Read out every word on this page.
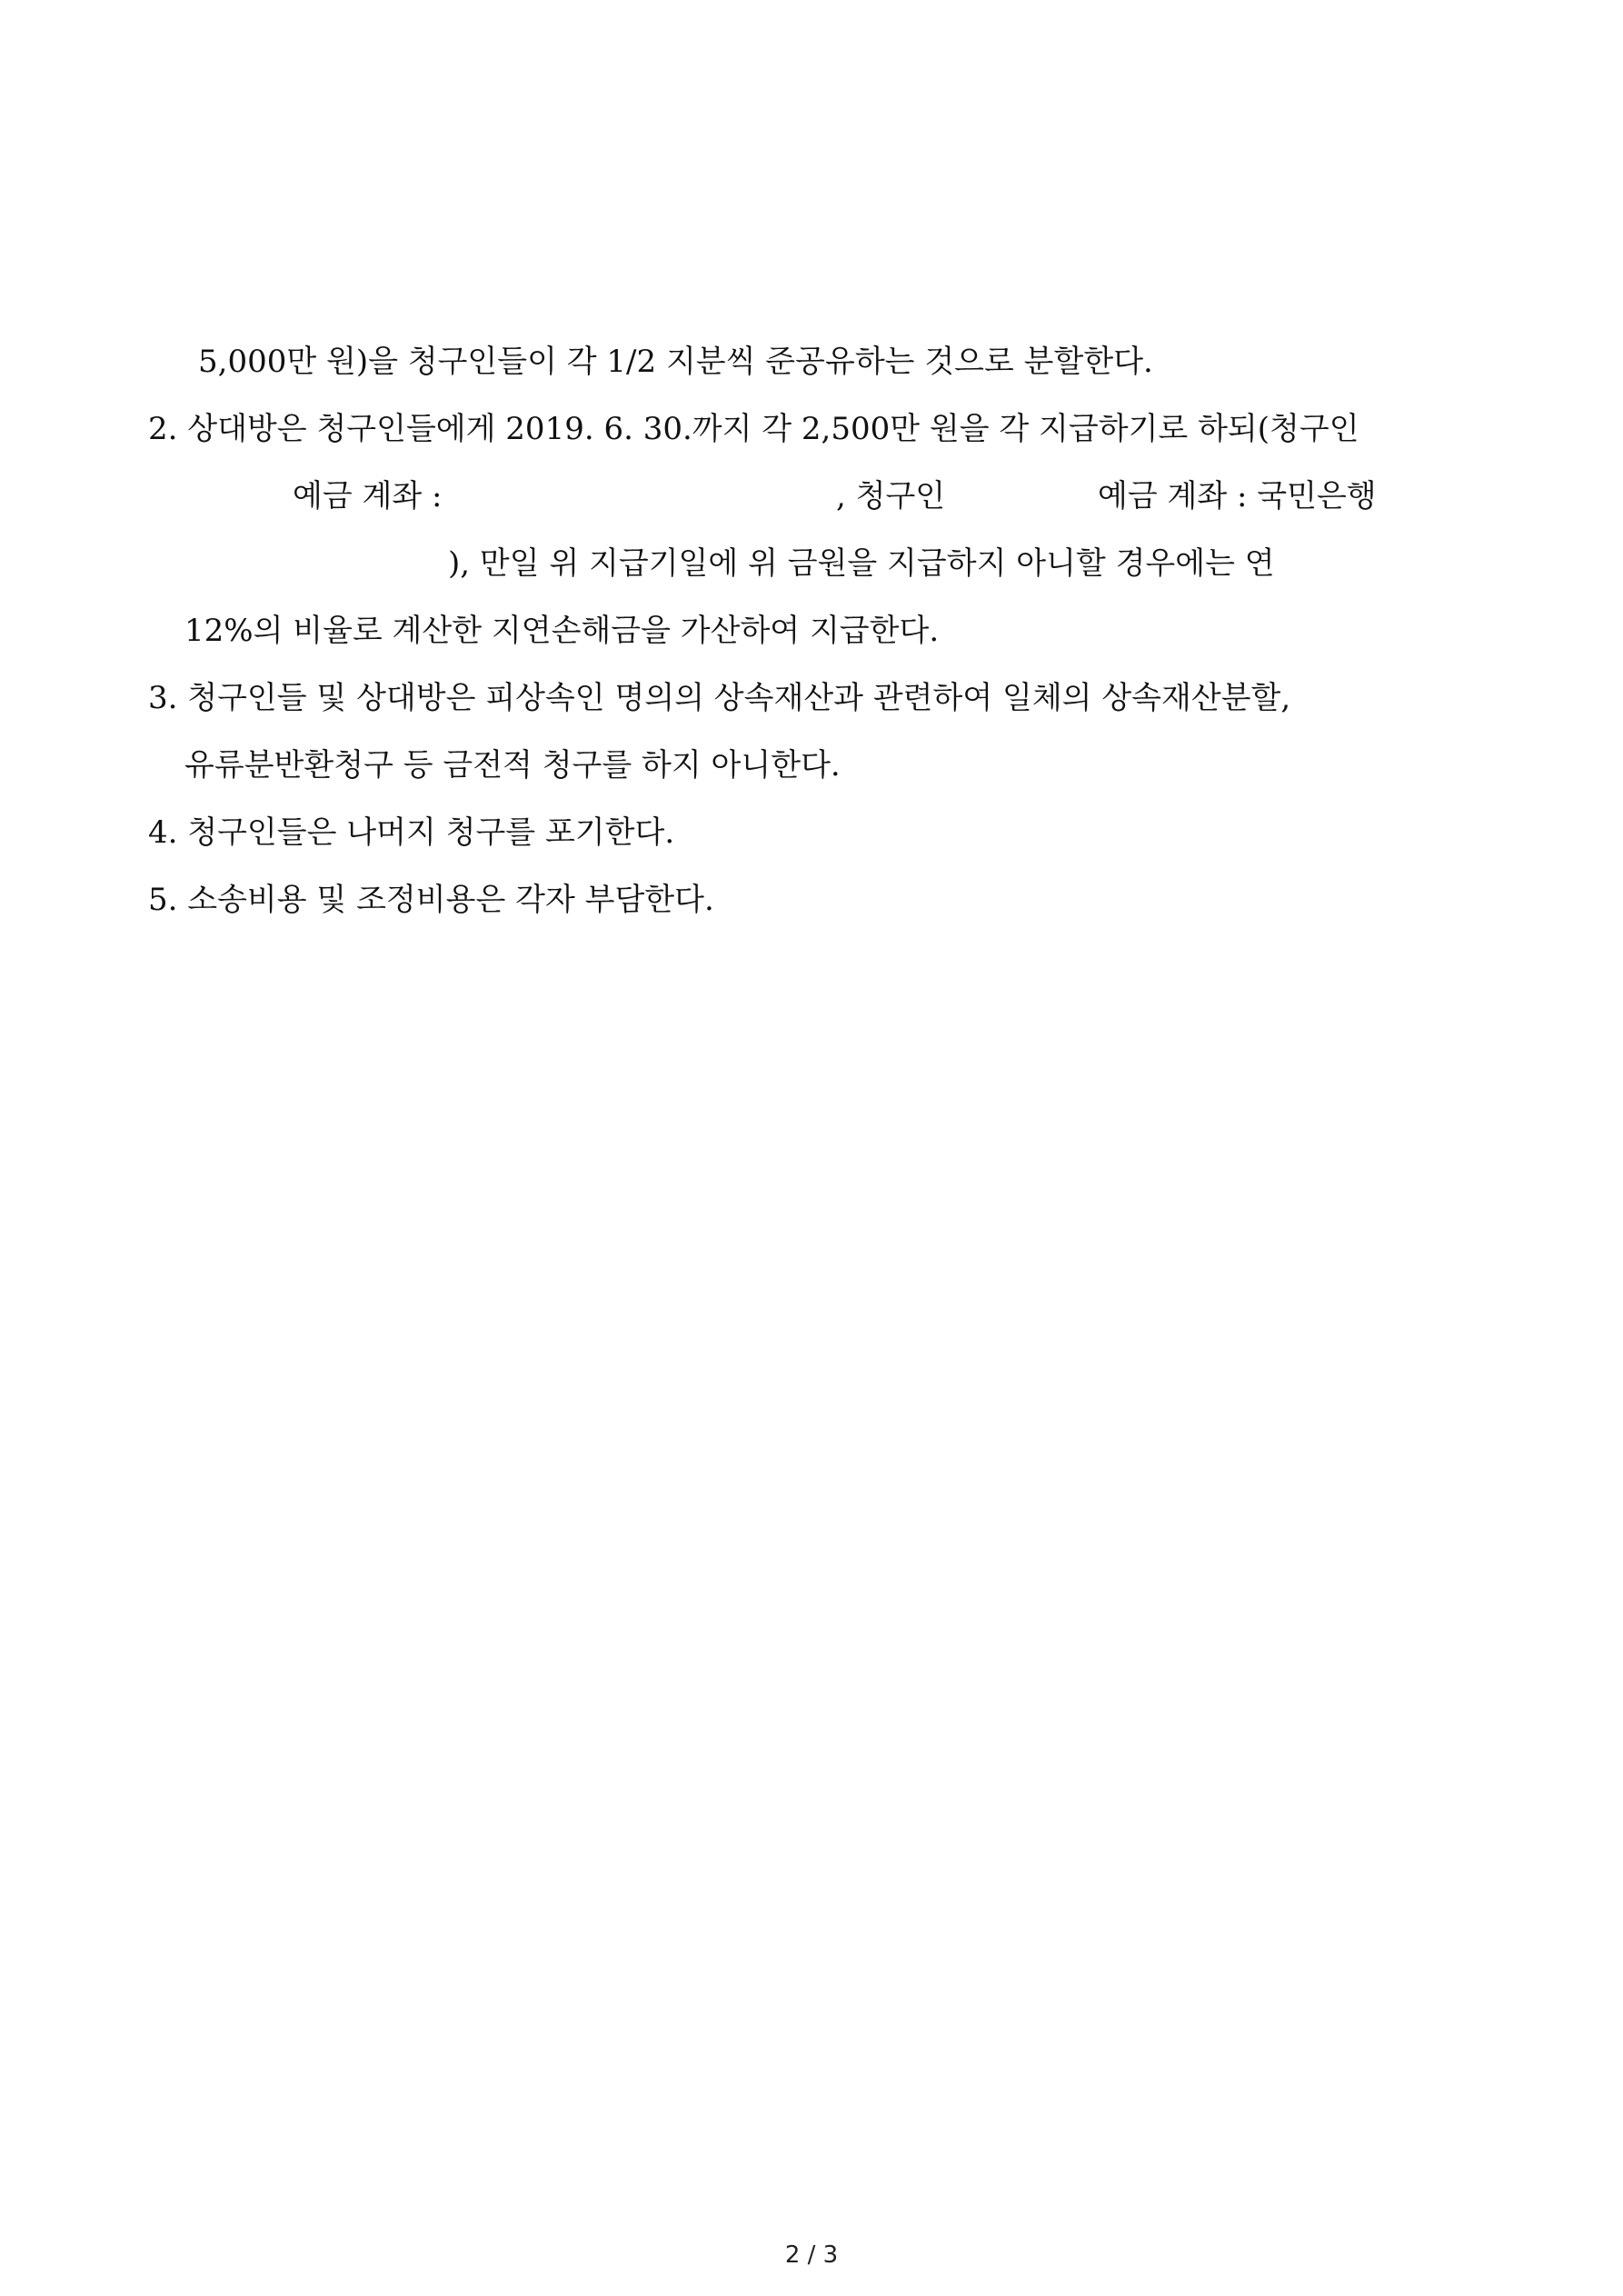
5,000만 원)을 청구인들이 각 1/2 지분씩 준공유하는 것으로 분할한다.
2. 상대방은 청구인들에게 2019. 6. 30.까지 각 2,500만 원을 각 지급하기로 하되(청구인
예금 계좌 :	, 청구인	예금 계좌 : 국민은행
), 만일 위 지급기일에 위 금원을 지급하지 아니할 경우에는 연
12%의 비율로 계산한 지연손해금을 가산하여 지급한다.
3. 청구인들 및 상대방은 피상속인 명의의 상속재산과 관련하여 일체의 상속재산분할,
유류분반환청구 등 금전적 청구를 하지 아니한다.
4. 청구인들은 나머지 청구를 포기한다.
5. 소송비용 및 조정비용은 각자 부담한다.
2 / 3
